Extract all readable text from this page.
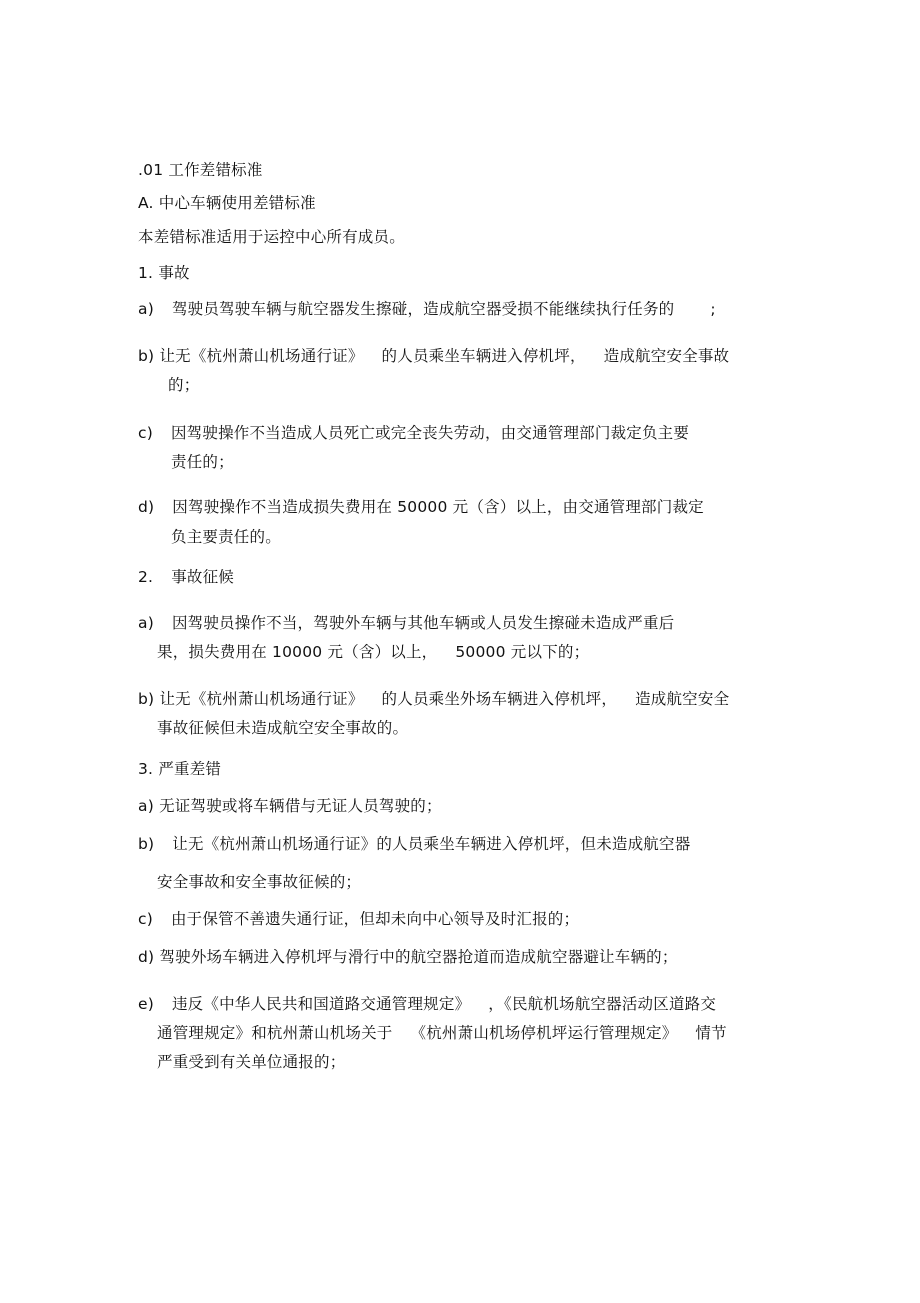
.01 工作差错标准
A. 中心车辆使用差错标准
本差错标准适用于运控中心所有成员。
1. 事故
a) 驾驶员驾驶车辆与航空器发生擦碰，造成航空器受损不能继续执行任务的 ;
b) 让无《杭州萧山机场通行证》 的人员乘坐车辆进入停机坪， 造成航空安全事故
的；
c) 因驾驶操作不当造成人员死亡或完全丧失劳动，由交通管理部门裁定负主要
责任的；
d) 因驾驶操作不当造成损失费用在 50000 元（含）以上，由交通管理部门裁定
负主要责任的。
2. 事故征候
a) 因驾驶员操作不当，驾驶外车辆与其他车辆或人员发生擦碰未造成严重后
果，损失费用在 10000 元（含）以上， 50000 元以下的；
b) 让无《杭州萧山机场通行证》 的人员乘坐外场车辆进入停机坪， 造成航空安全
事故征候但未造成航空安全事故的。
3. 严重差错
a) 无证驾驶或将车辆借与无证人员驾驶的；
b) 让无《杭州萧山机场通行证》的人员乘坐车辆进入停机坪，但未造成航空器
安全事故和安全事故征候的；
c) 由于保管不善遗失通行证，但却未向中心领导及时汇报的；
d) 驾驶外场车辆进入停机坪与滑行中的航空器抢道而造成航空器避让车辆的；
e) 违反《中华人民共和国道路交通管理规定》 ，《民航机场航空器活动区道路交
通管理规定》和杭州萧山机场关于 《杭州萧山机场停机坪运行管理规定》 情节
严重受到有关单位通报的；
